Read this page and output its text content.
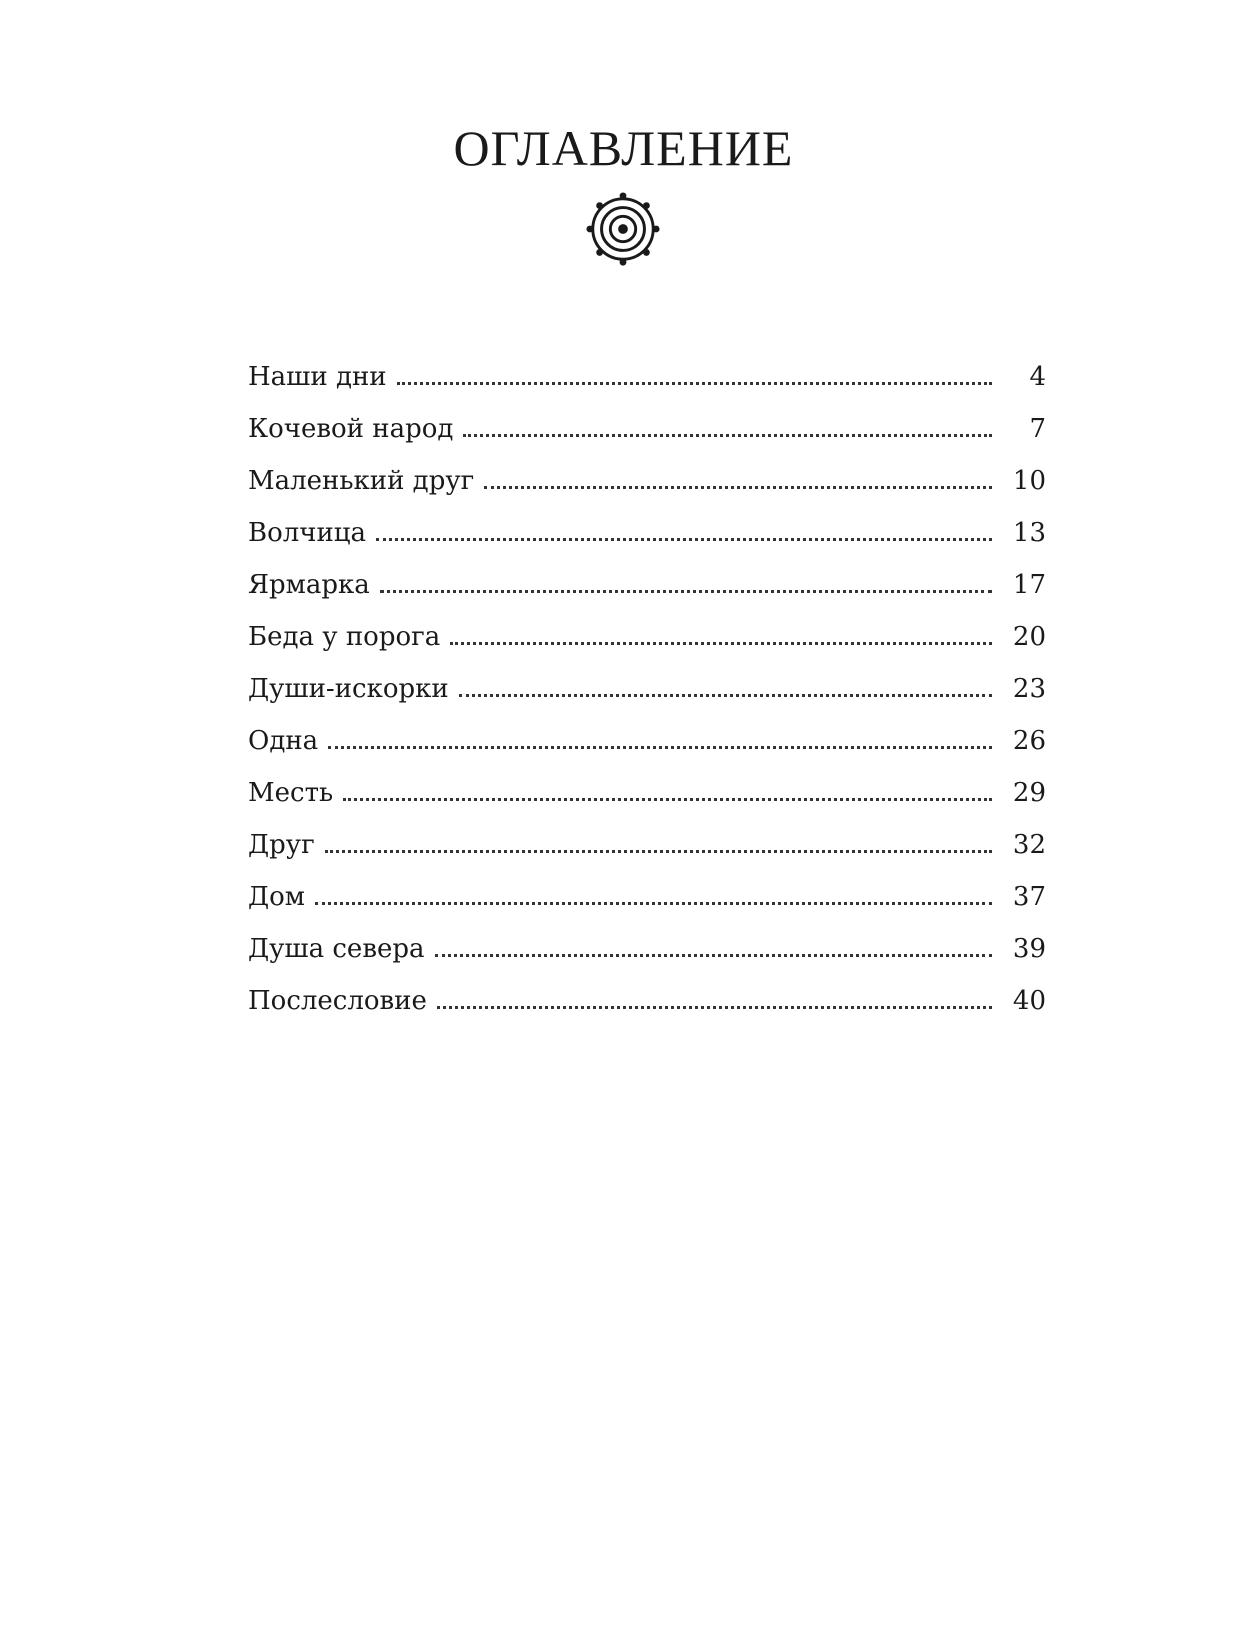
ОГЛАВЛЕНИЕ
Наши дни	4
Кочевой народ	7
Маленький друг	10
Волчица	13
Ярмарка	17
Беда у порога	20
Души-искорки	23
Одна	26
Месть	29
Друг	32
Дом	37
Душа севера	39
Послесловие	40
